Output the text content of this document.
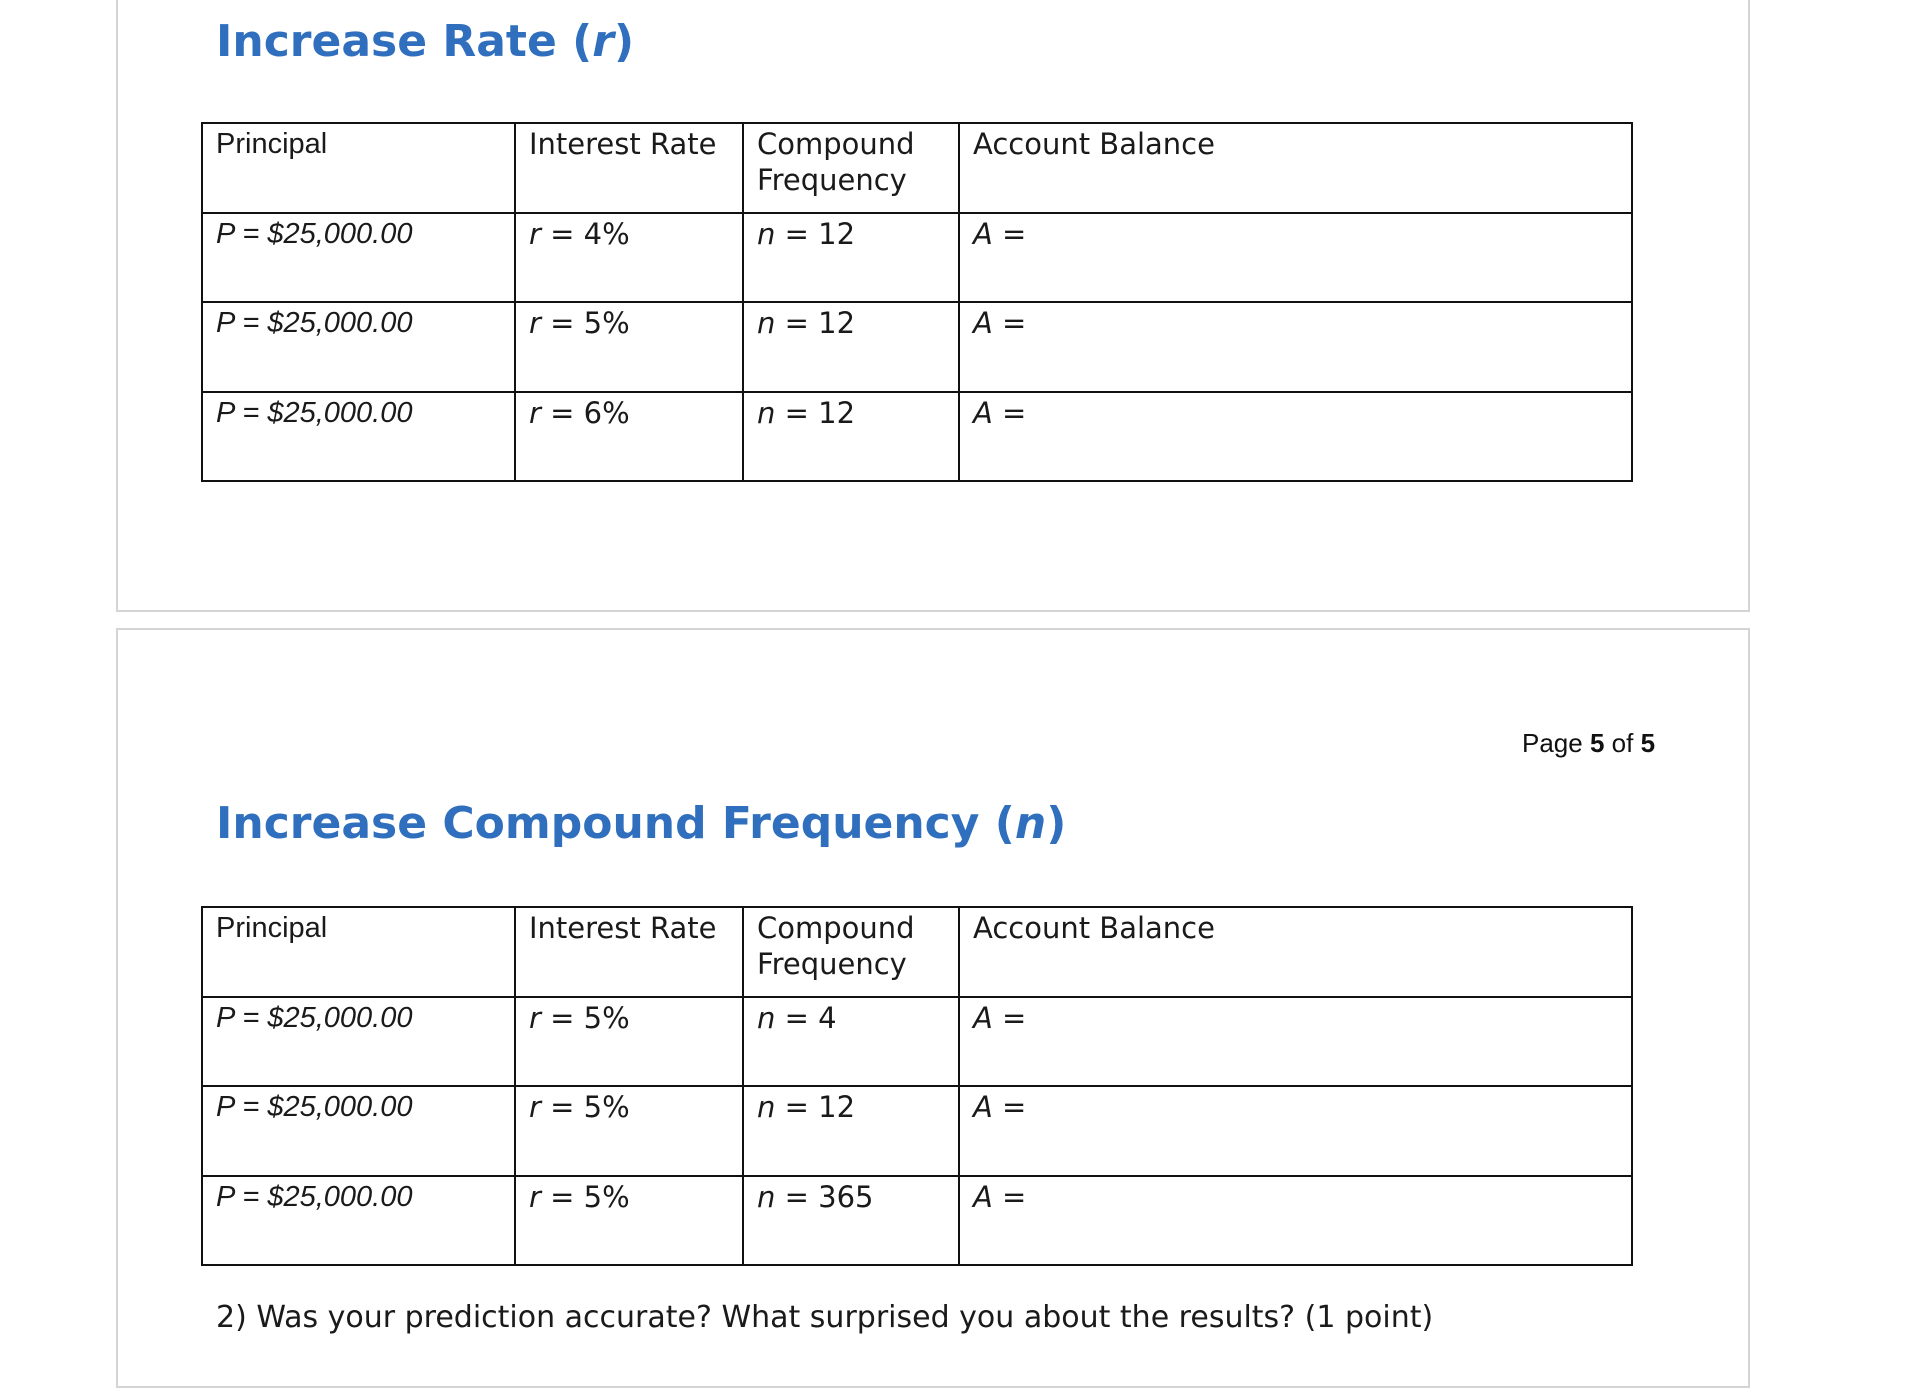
Increase Rate (r)
Principal	Interest Rate	Compound Frequency	Account Balance
P = $25,000.00	r = 4%	n = 12	A =
P = $25,000.00	r = 5%	n = 12	A =
P = $25,000.00	r = 6%	n = 12	A =
Page 5 of 5
Increase Compound Frequency (n)
Principal	Interest Rate	Compound Frequency	Account Balance
P = $25,000.00	r = 5%	n = 4	A =
P = $25,000.00	r = 5%	n = 12	A =
P = $25,000.00	r = 5%	n = 365	A =

2) Was your prediction accurate? What surprised you about the results? (1 point)
